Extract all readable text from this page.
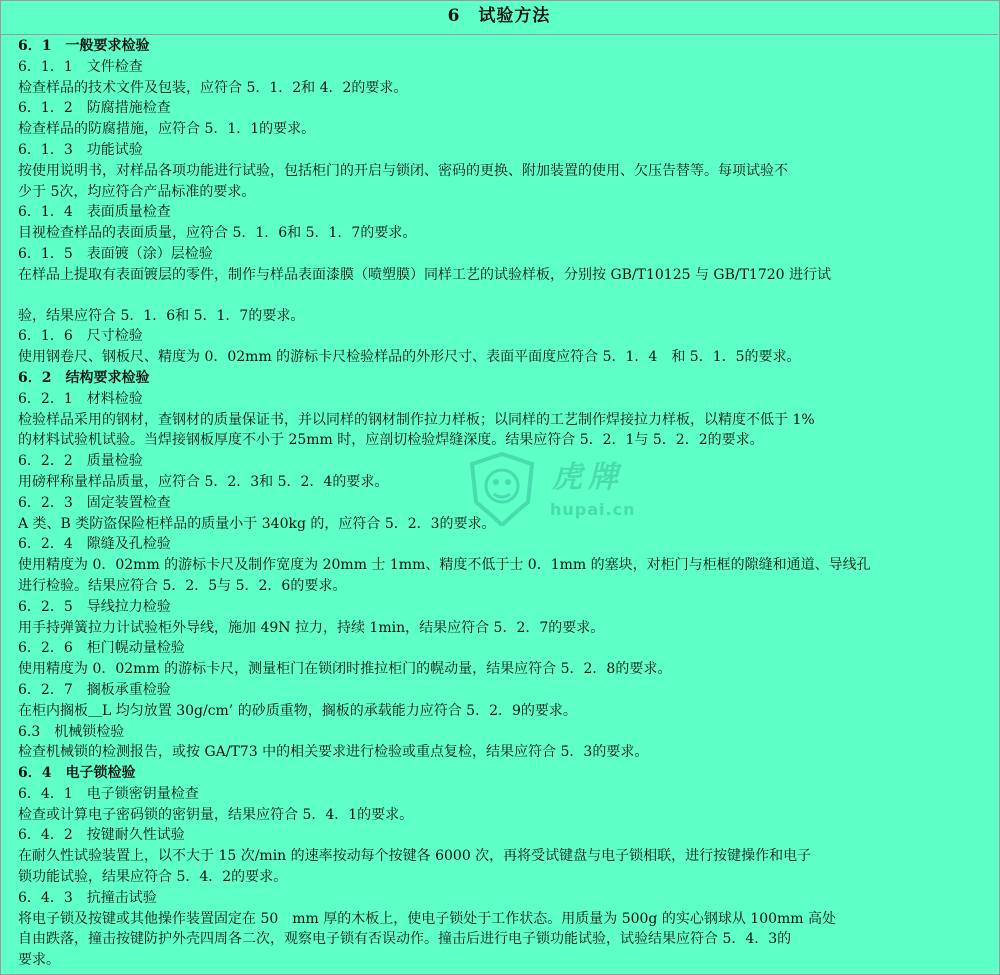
6　试验方法
6．1　一般要求检验
6．1．1　文件检查
检查样品的技术文件及包装，应符合 5．1．2和 4．2的要求。
6．1．2　防腐措施检查
检查样品的防腐措施，应符合 5．1．1的要求。
6．1．3　功能试验
按使用说明书，对样品各项功能进行试验，包括柜门的开启与锁闭、密码的更换、附加装置的使用、欠压告替等。每项试验不
少于 5次，均应符合产品标准的要求。
6．1．4　表面质量检查
目视检查样品的表面质量，应符合 5．1．6和 5．1．7的要求。
6．1．5　表面镀（涂）层检验
在样品上提取有表面镀层的零件，制作与样品表面漆膜（喷塑膜）同样工艺的试验样板，分别按 GB/T10125 与 GB/T1720 进行试
验，结果应符合 5．1．6和 5．1．7的要求。
6．1．6　尺寸检验
使用钢卷尺、钢板尺、精度为 0．02mm 的游标卡尺检验样品的外形尺寸、表面平面度应符合 5．1．4　和 5．1．5的要求。
6．2　结构要求检验
6．2．1　材料检验
检验样品采用的钢材，查钢材的质量保证书，并以同样的钢材制作拉力样板；以同样的工艺制作焊接拉力样板，以精度不低于 1%
的材料试验机试验。当焊接钢板厚度不小于 25mm 时，应剖切检验焊缝深度。结果应符合 5．2．1与 5．2．2的要求。
6．2．2　质量检验
用磅秤称量样品质量，应符合 5．2．3和 5．2．4的要求。
6．2．3　固定装置检查
A 类、B 类防盗保险柜样品的质量小于 340kg 的，应符合 5．2．3的要求。
6．2．4　隙缝及孔检验
使用精度为 0．02mm 的游标卡尺及制作宽度为 20mm 士 1mm、精度不低于士 0．1mm 的塞块，对柜门与柜框的隙缝和通道、导线孔
进行检验。结果应符合 5．2．5与 5．2．6的要求。
6．2．5　导线拉力检验
用手持弹簧拉力计试验柜外导线，施加 49N 拉力，持续 1min，结果应符合 5．2．7的要求。
6．2．6　柜门幌动量检验
使用精度为 0．02mm 的游标卡尺，测量柜门在锁闭时推拉柜门的幌动量，结果应符合 5．2．8的要求。
6．2．7　搁板承重检验
在柜内搁板＿L 均匀放置 30g/cm’ 的砂质重物，搁板的承载能力应符合 5．2．9的要求。
6.3　机械锁检验
检查机械锁的检测报告，或按 GA/T73 中的相关要求进行检验或重点复检，结果应符合 5．3的要求。
6．4　电子锁检验
6．4．1　电子锁密钥量检查
检查或计算电子密码锁的密钥量，结果应符合 5．4．1的要求。
6．4．2　按键耐久性试验
在耐久性试验装置上，以不大于 15 次/min 的速率按动每个按键各 6000 次，再将受试键盘与电子锁相联，进行按键操作和电子
锁功能试验，结果应符合 5．4．2的要求。
6．4．3　抗撞击试验
将电子锁及按键或其他操作装置固定在 50　mm 厚的木板上，使电子锁处于工作状态。用质量为 500g 的实心钢球从 100mm 高处
自由跌落，撞击按键防护外壳四周各二次，观察电子锁有否误动作。撞击后进行电子锁功能试验，试验结果应符合 5．4．3的
要求。
虎牌
hupai.cn
